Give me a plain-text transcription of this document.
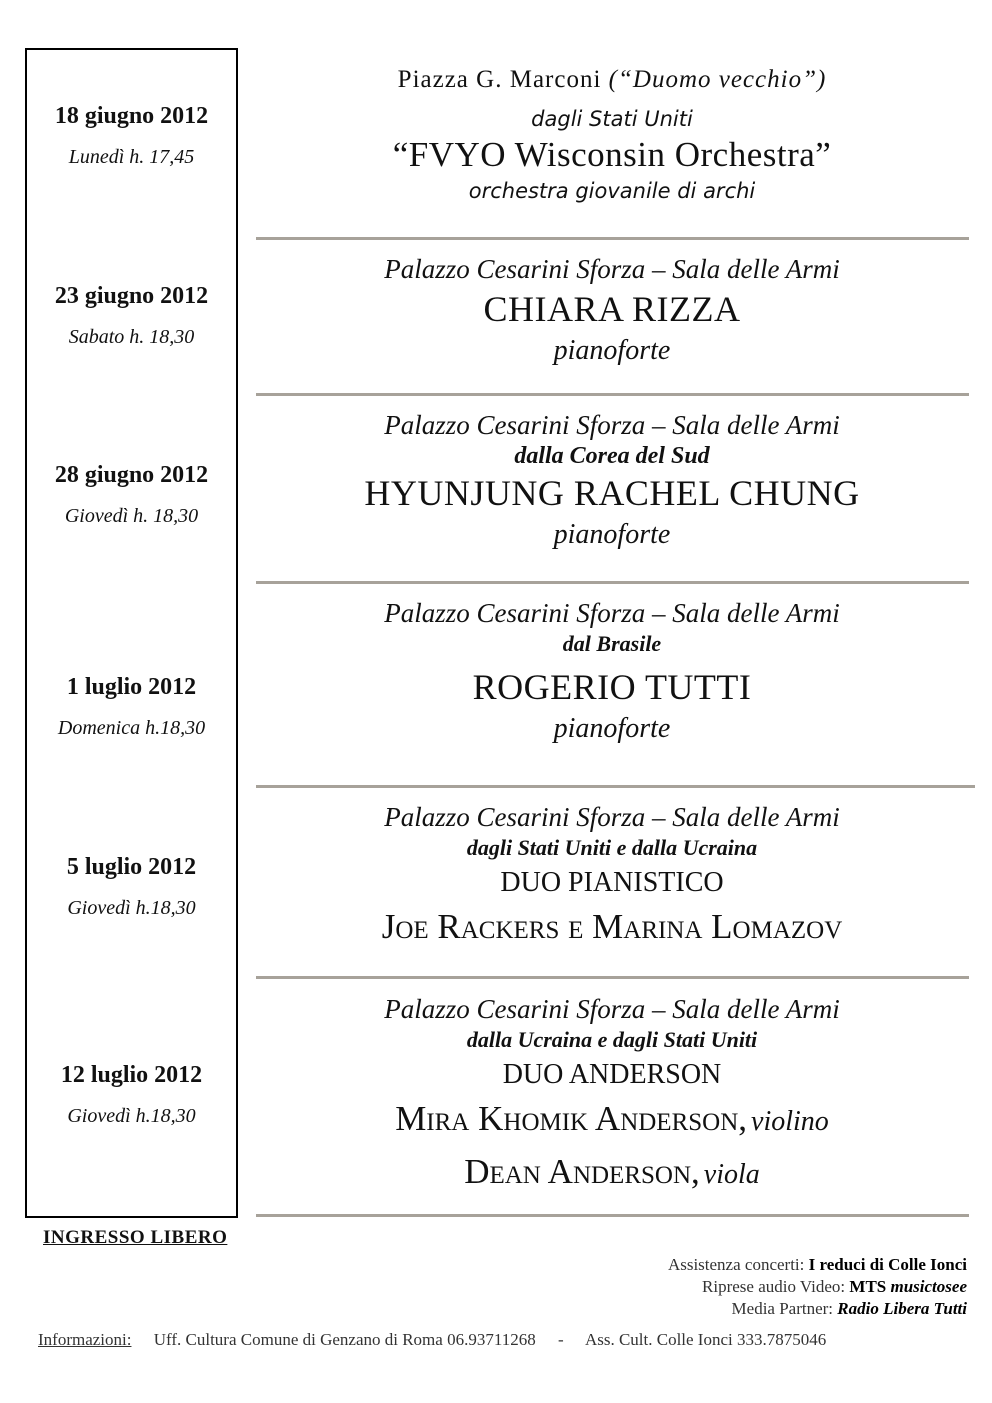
18 giugno 2012
Lunedì h. 17,45
23 giugno 2012
Sabato h. 18,30
28 giugno 2012
Giovedì h. 18,30
1 luglio 2012
Domenica h.18,30
5 luglio 2012
Giovedì h.18,30
12 luglio 2012
Giovedì h.18,30
Piazza G. Marconi (“Duomo vecchio”)
dagli Stati Uniti
“FVYO Wisconsin Orchestra”
orchestra giovanile di archi
Palazzo Cesarini Sforza – Sala delle Armi
CHIARA RIZZA
pianoforte
Palazzo Cesarini Sforza – Sala delle Armi
dalla Corea del Sud
HYUNJUNG RACHEL CHUNG
pianoforte
Palazzo Cesarini Sforza – Sala delle Armi
dal Brasile
ROGERIO TUTTI
pianoforte
Palazzo Cesarini Sforza – Sala delle Armi
dagli Stati Uniti e dalla Ucraina
DUO PIANISTICO
Joe Rackers e Marina Lomazov
Palazzo Cesarini Sforza – Sala delle Armi
dalla Ucraina e dagli Stati Uniti
DUO ANDERSON
Mira Khomik Anderson, violino
Dean Anderson, viola
INGRESSO LIBERO
Assistenza concerti: I reduci di Colle Ionci
Riprese audio Video: MTS musictosee
Media Partner: Radio Libera Tutti
Informazioni: Uff. Cultura Comune di Genzano di Roma 06.93711268 - Ass. Cult. Colle Ionci 333.7875046
